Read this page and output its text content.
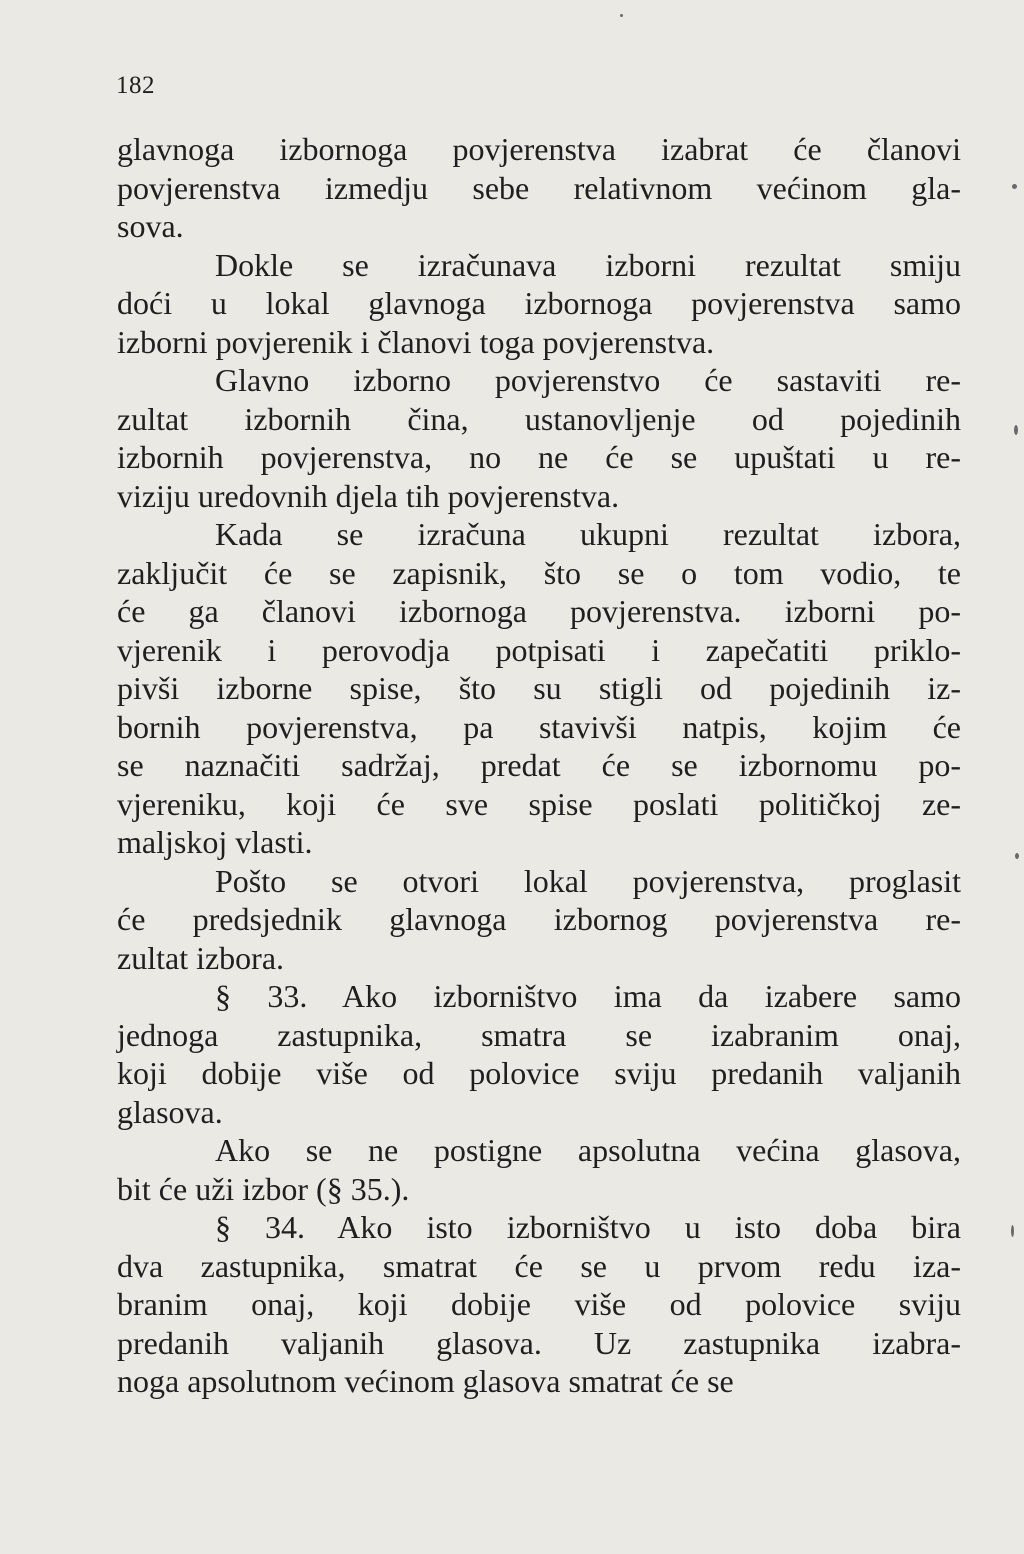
182

glavnoga izbornoga povjerenstva izabrat će članovi
povjerenstva izmedju sebe relativnom većinom gla-
sova.

Dokle se izračunava izborni rezultat smiju
doći u lokal glavnoga izbornoga povjerenstva samo
izborni povjerenik i članovi toga povjerenstva.

Glavno izborno povjerenstvo će sastaviti re-
zultat izbornih čina, ustanovljenje od pojedinih
izbornih povjerenstva, no ne će se upuštati u re-
viziju uredovnih djela tih povjerenstva.

Kada se izračuna ukupni rezultat izbora,
zaključit će se zapisnik, što se o tom vodio, te
će ga članovi izbornoga povjerenstva. izborni po-
vjerenik i perovodja potpisati i zapečatiti priklo-
pivši izborne spise, što su stigli od pojedinih iz-
bornih povjerenstva, pa stavivši natpis, kojim će
se naznačiti sadržaj, predat će se izbornomu po-
vjereniku, koji će sve spise poslati političkoj ze-
maljskoj vlasti.

Pošto se otvori lokal povjerenstva, proglasit
će predsjednik glavnoga izbornog povjerenstva re-
zultat izbora.

§ 33. Ako izborništvo ima da izabere samo
jednoga zastupnika, smatra se izabranim onaj,
koji dobije više od polovice sviju predanih valjanih
glasova.

Ako se ne postigne apsolutna većina glasova,
bit će uži izbor (§ 35.).

§ 34. Ako isto izborništvo u isto doba bira
dva zastupnika, smatrat će se u prvom redu iza-
branim onaj, koji dobije više od polovice sviju
predanih valjanih glasova. Uz zastupnika izabra-
noga apsolutnom većinom glasova smatrat će se
